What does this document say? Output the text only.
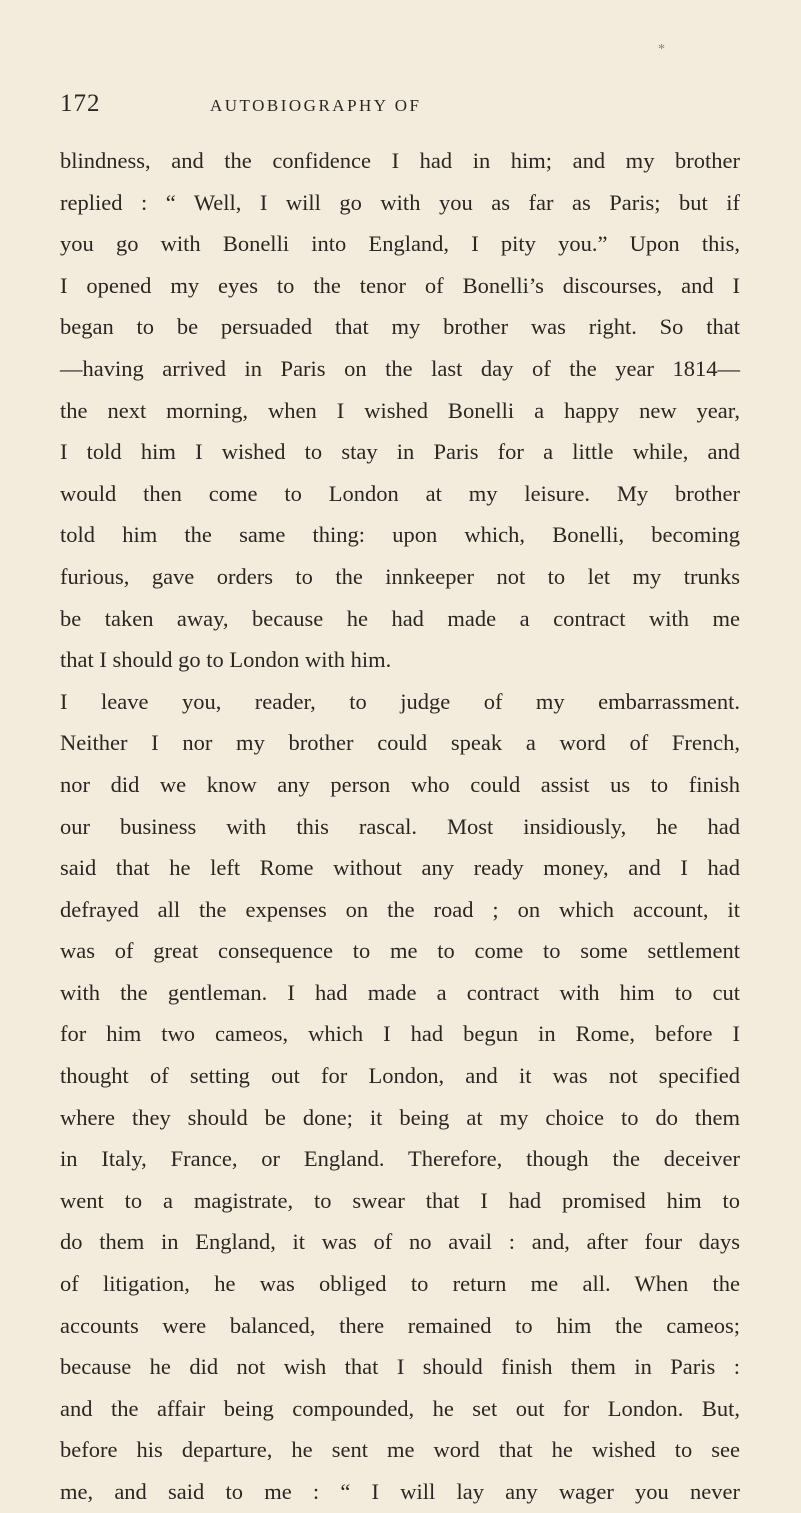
*
172	AUTOBIOGRAPHY OF
blindness, and the confidence I had in him; and my brother
replied : “ Well, I will go with you as far as Paris; but if
you go with Bonelli into England, I pity you.” Upon this,
I opened my eyes to the tenor of Bonelli’s discourses, and I
began to be persuaded that my brother was right. So that
—having arrived in Paris on the last day of the year 1814—
the next morning, when I wished Bonelli a happy new year,
I told him I wished to stay in Paris for a little while, and
would then come to London at my leisure. My brother
told him the same thing: upon which, Bonelli, becoming
furious, gave orders to the innkeeper not to let my trunks
be taken away, because he had made a contract with me
that I should go to London with him.
I leave you, reader, to judge of my embarrassment.
Neither I nor my brother could speak a word of French,
nor did we know any person who could assist us to finish
our business with this rascal. Most insidiously, he had
said that he left Rome without any ready money, and I had
defrayed all the expenses on the road ; on which account, it
was of great consequence to me to come to some settlement
with the gentleman. I had made a contract with him to cut
for him two cameos, which I had begun in Rome, before I
thought of setting out for London, and it was not specified
where they should be done; it being at my choice to do them
in Italy, France, or England. Therefore, though the deceiver
went to a magistrate, to swear that I had promised him to
do them in England, it was of no avail : and, after four days
of litigation, he was obliged to return me all. When the
accounts were balanced, there remained to him the cameos;
because he did not wish that I should finish them in Paris :
and the affair being compounded, he set out for London. But,
before his departure, he sent me word that he wished to see
me, and said to me : “ I will lay any wager you never
